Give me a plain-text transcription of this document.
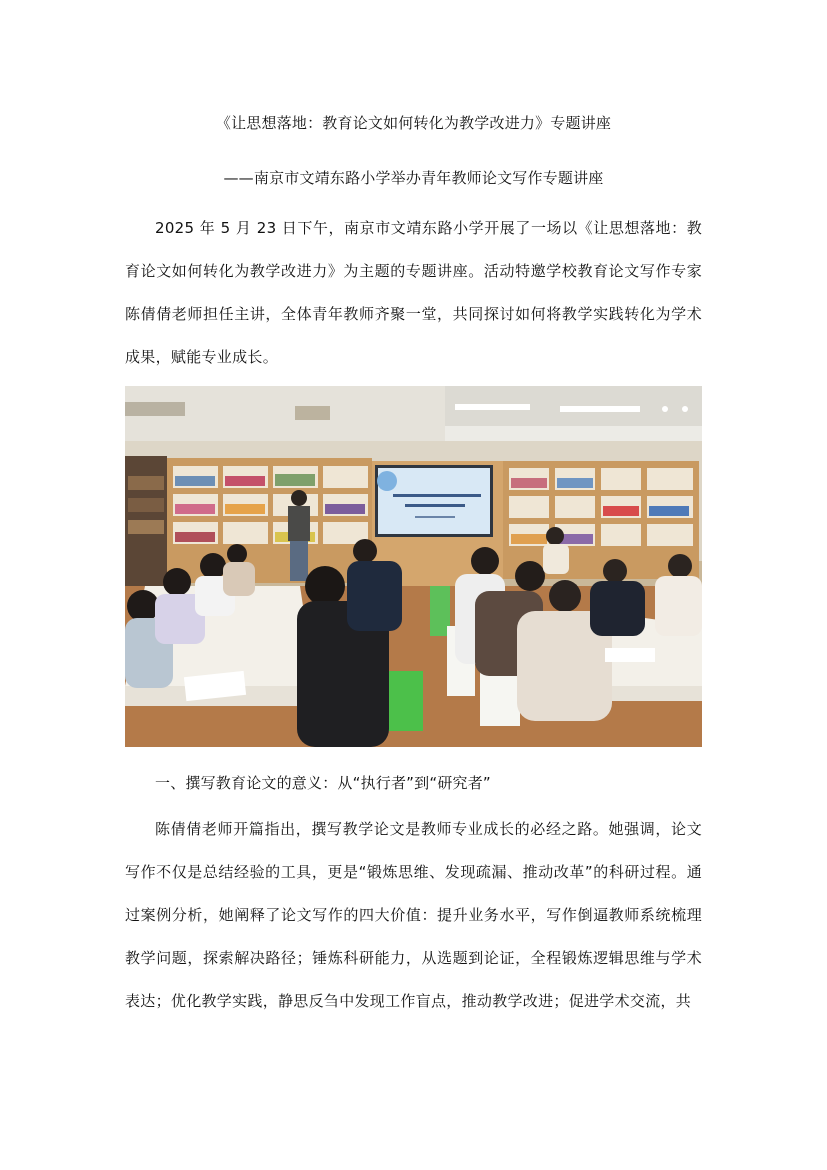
《让思想落地：教育论文如何转化为教学改进力》专题讲座
——南京市文靖东路小学举办青年教师论文写作专题讲座
2025 年 5 月 23 日下午，南京市文靖东路小学开展了一场以《让思想落地：教育论文如何转化为教学改进力》为主题的专题讲座。活动特邀学校教育论文写作专家陈倩倩老师担任主讲，全体青年教师齐聚一堂，共同探讨如何将教学实践转化为学术成果，赋能专业成长。
一、撰写教育论文的意义：从“执行者”到“研究者”
陈倩倩老师开篇指出，撰写教学论文是教师专业成长的必经之路。她强调，论文写作不仅是总结经验的工具，更是“锻炼思维、发现疏漏、推动改革”的科研过程。通过案例分析，她阐释了论文写作的四大价值：提升业务水平，写作倒逼教师系统梳理教学问题，探索解决路径；锤炼科研能力，从选题到论证，全程锻炼逻辑思维与学术表达；优化教学实践，静思反刍中发现工作盲点，推动教学改进；促进学术交流，共
